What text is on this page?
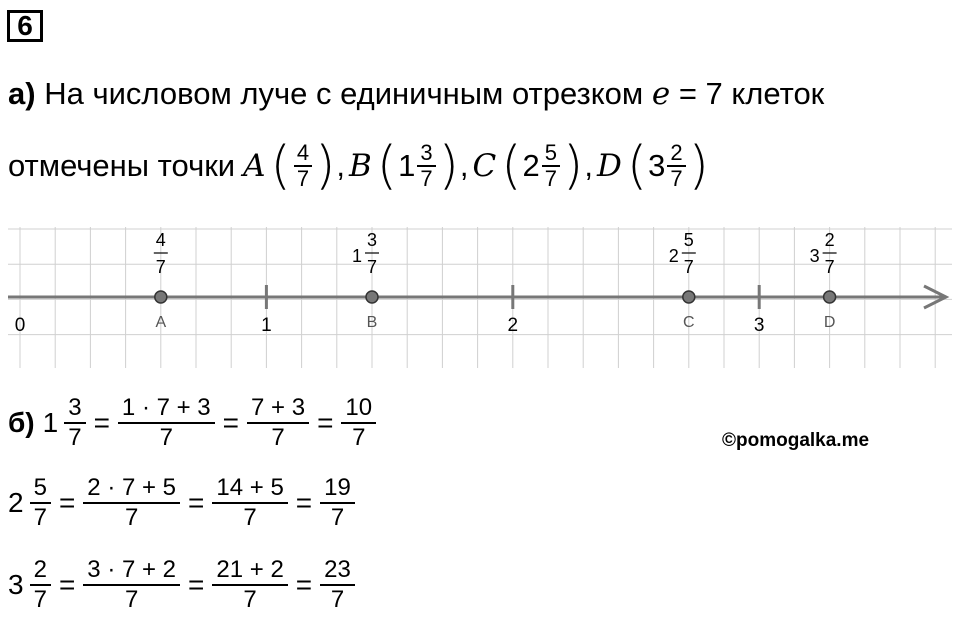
6
а) На числовом луче с единичным отрезком e = 7 клеток
отмечены точки A ( $\frac{4}{7}$ ) , B ( $1 \frac{3}{7}$ ) , C ( $2 \frac{5}{7}$ ) , D ( $3 \frac{2}{7}$ )
0	1	2	3
A
4
7
B
3
7
1
C
5
7
2
D
2
7
3
б) $1 \frac{3}{7} = \frac{1 \cdot 7 + 3}{7} = \frac{7 + 3}{7} = \frac{10}{7}$
$2 \frac{5}{7} = \frac{2 \cdot 7 + 5}{7} = \frac{14 + 5}{7} = \frac{19}{7}$
$3 \frac{2}{7} = \frac{3 \cdot 7 + 2}{7} = \frac{21 + 2}{7} = \frac{23}{7}$
©pomogalka.me
